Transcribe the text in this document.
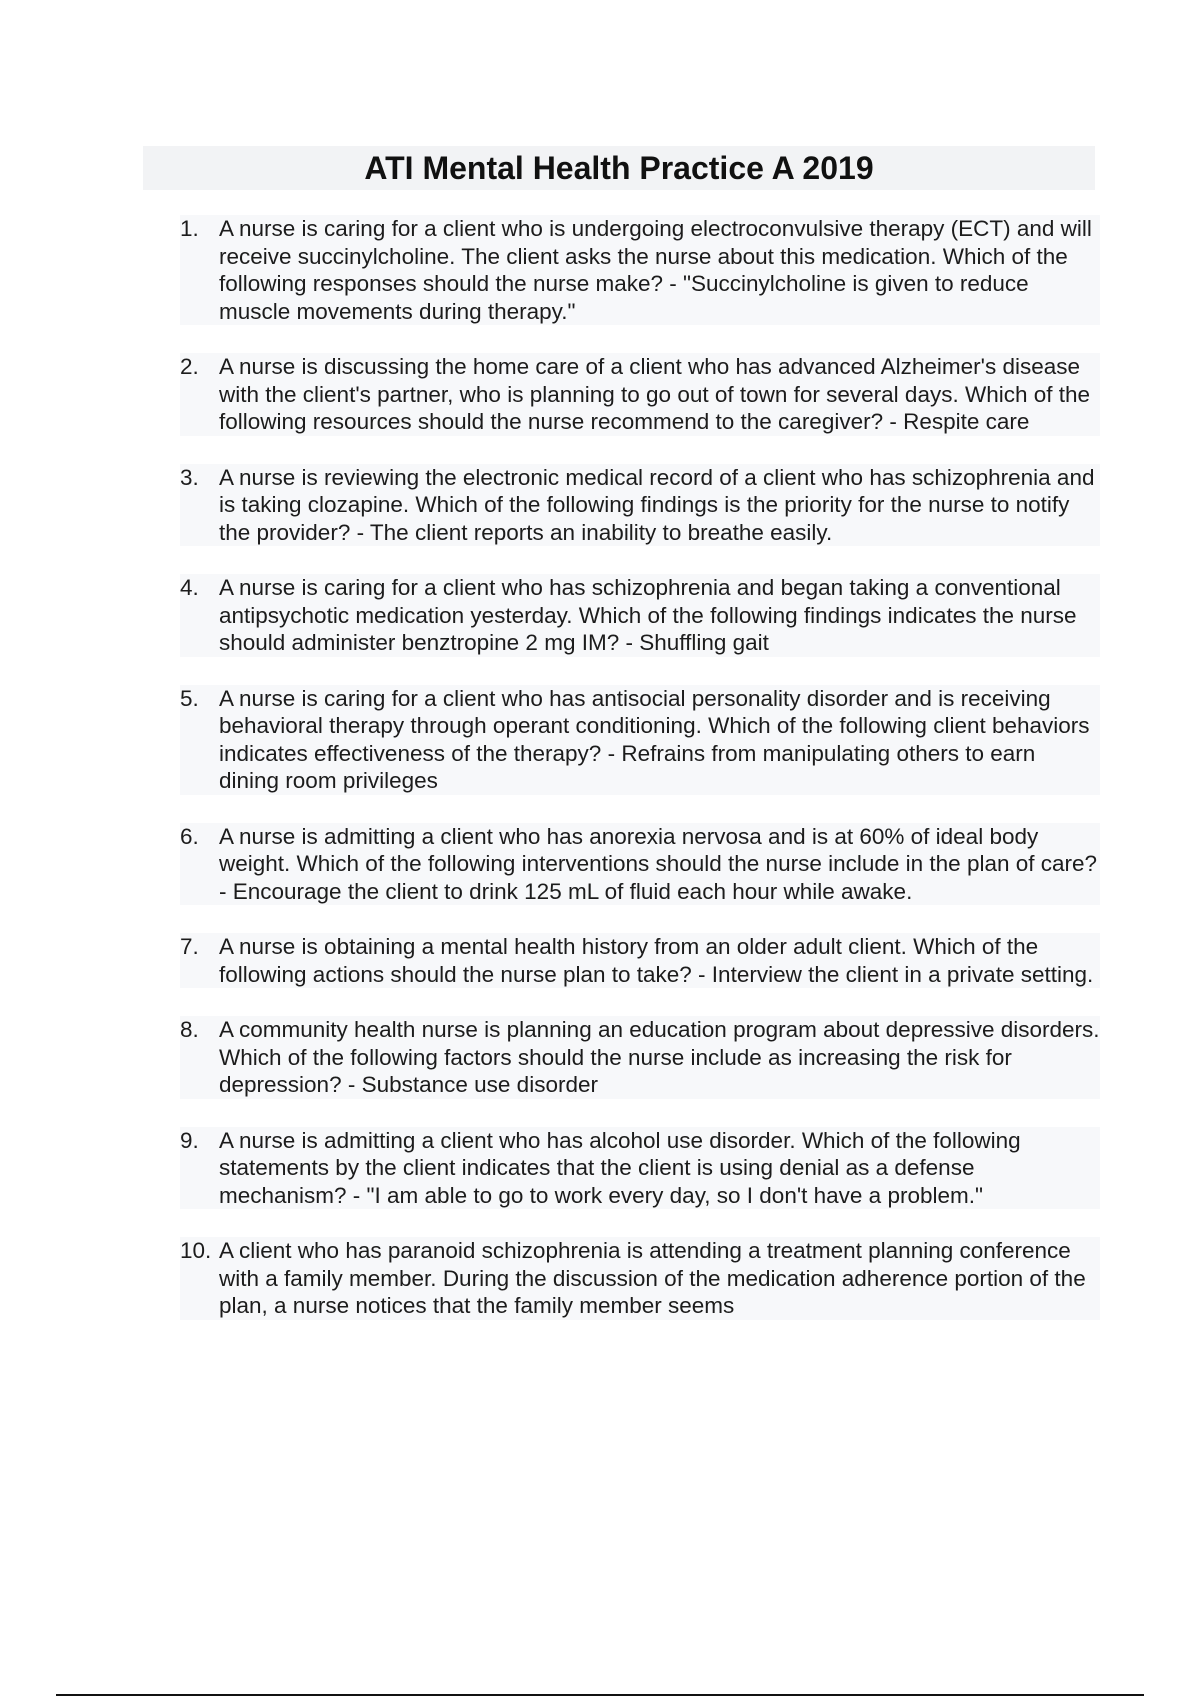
ATI Mental Health Practice A 2019
1. A nurse is caring for a client who is undergoing electroconvulsive therapy (ECT) and will receive succinylcholine. The client asks the nurse about this medication. Which of the following responses should the nurse make? - "Succinylcholine is given to reduce muscle movements during therapy."
2. A nurse is discussing the home care of a client who has advanced Alzheimer's disease with the client's partner, who is planning to go out of town for several days. Which of the following resources should the nurse recommend to the caregiver? - Respite care
3. A nurse is reviewing the electronic medical record of a client who has schizophrenia and is taking clozapine. Which of the following findings is the priority for the nurse to notify the provider? - The client reports an inability to breathe easily.
4. A nurse is caring for a client who has schizophrenia and began taking a conventional antipsychotic medication yesterday. Which of the following findings indicates the nurse should administer benztropine 2 mg IM? - Shuffling gait
5. A nurse is caring for a client who has antisocial personality disorder and is receiving behavioral therapy through operant conditioning. Which of the following client behaviors indicates effectiveness of the therapy? - Refrains from manipulating others to earn dining room privileges
6. A nurse is admitting a client who has anorexia nervosa and is at 60% of ideal body weight. Which of the following interventions should the nurse include in the plan of care? - Encourage the client to drink 125 mL of fluid each hour while awake.
7. A nurse is obtaining a mental health history from an older adult client. Which of the following actions should the nurse plan to take? - Interview the client in a private setting.
8. A community health nurse is planning an education program about depressive disorders. Which of the following factors should the nurse include as increasing the risk for depression? - Substance use disorder
9. A nurse is admitting a client who has alcohol use disorder. Which of the following statements by the client indicates that the client is using denial as a defense mechanism? - "I am able to go to work every day, so I don't have a problem."
10. A client who has paranoid schizophrenia is attending a treatment planning conference with a family member. During the discussion of the medication adherence portion of the plan, a nurse notices that the family member seems
